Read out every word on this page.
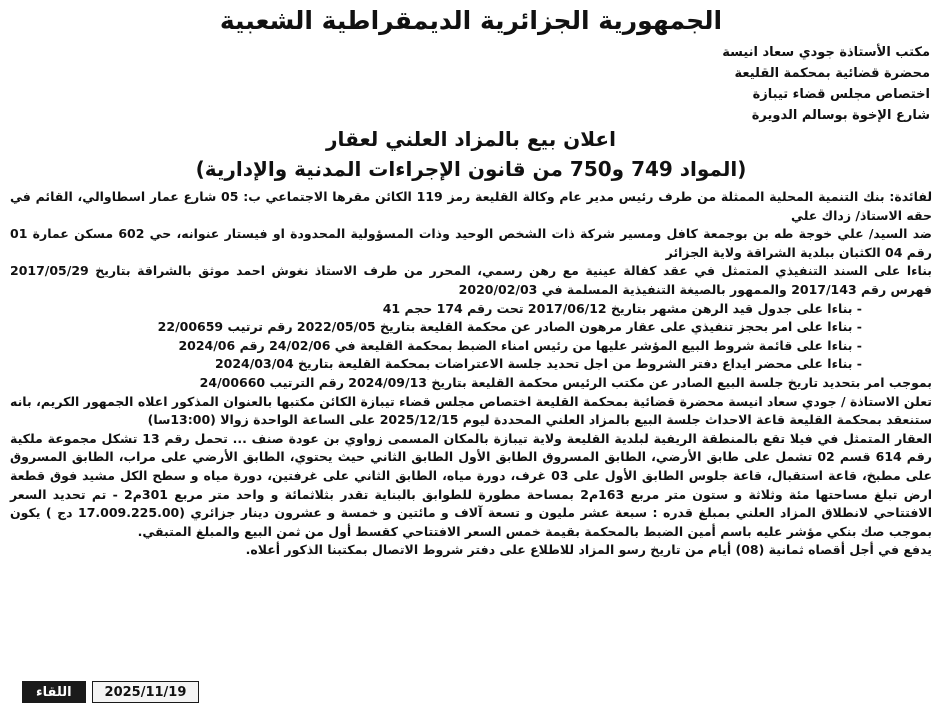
الجمهورية الجزائرية الديمقراطية الشعبية
مكتب الأستاذة جودي سعاد انيسة
محضرة قضائية بمحكمة القليعة
اختصاص مجلس قضاء تيبازة
شارع الإخوة بوسالم الدويرة
اعلان بيع بالمزاد العلني لعقار
(المواد 749 و750 من قانون الإجراءات المدنية والإدارية)

لفائدة: بنك التنمية المحلية الممثلة من طرف رئيس مدير عام وكالة القليعة رمز 119 الكائن مقرها الاجتماعي ب: 05 شارع عمار اسطاوالي، القائم في حقه الاستاذ/ زداك علي

ضد السيد/ علي خوجة طه بن بوجمعة كافل ومسير شركة ذات الشخص الوحيد وذات المسؤولية المحدودة او فيستار عنوانه، حي 602 مسكن عمارة 01 رقم 04 الكثبان ببلدية الشراقة ولاية الجزائر

بناءا على السند التنفيذي المتمثل في عقد كفالة عينية مع رهن رسمي، المحرر من طرف الاستاذ نغوش احمد موثق بالشراقة بتاريخ 2017/05/29 فهرس رقم 2017/143 والممهور بالصيغة التنفيذية المسلمة في 2020/02/03

- بناءا على جدول قيد الرهن مشهر بتاريخ 2017/06/12 تحت رقم 174 حجم 41

- بناءا على امر بحجز تنفيذي على عقار مرهون الصادر عن محكمة القليعة بتاريخ 2022/05/05 رقم ترتيب 22/00659

- بناءا على قائمة شروط البيع المؤشر عليها من رئيس امناء الضبط بمحكمة القليعة في 24/02/06 رقم 2024/06

- بناءا على محضر ايداع دفتر الشروط من اجل تحديد جلسة الاعتراضات بمحكمة القليعة بتاريخ 2024/03/04

بموجب امر بتحديد تاريخ جلسة البيع الصادر عن مكتب الرئيس محكمة القليعة بتاريخ 2024/09/13 رقم الترتيب 24/00660

تعلن الاستاذة / جودي سعاد انيسة محضرة قضائية بمحكمة القليعة اختصاص مجلس قضاء تيبازة الكائن مكتبها بالعنوان المذكور اعلاه الجمهور الكريم، بانه ستنعقد بمحكمة القليعة قاعة الاحداث جلسة البيع بالمزاد العلني المحددة ليوم 2025/12/15 على الساعة الواحدة زوالا (13:00سا)

العقار المتمثل في فيلا تقع بالمنطقة الريفية لبلدية القليعة ولاية تيبازة بالمكان المسمى زواوي بن عودة صنف ... تحمل رقم 13 تشكل مجموعة ملكية رقم 614 قسم 02 تشمل على طابق الأرضي، الطابق المسروق الطابق الأول الطابق الثاني حيث يحتوي، الطابق الأرضي على مراب، الطابق المسروق على مطبخ، قاعة استقبال، قاعة جلوس الطابق الأول على 03 غرف، دورة مياه، الطابق الثاني على غرفتين، دورة مياه و سطح الكل مشيد فوق قطعة ارض تبلغ مساحتها مئة وثلاثة و ستون متر مربع 163م2 بمساحة مطورة للطوابق بالبناية تقدر بثلاثمائة و واحد متر مربع 301م2 - تم تحديد السعر الافتتاحي لانطلاق المزاد العلني بمبلغ قدره : سبعة عشر مليون و تسعة آلاف و مائتين و خمسة و عشرون دينار جزائري (17.009.225.00 دج ) يكون بموجب صك بنكي مؤشر عليه باسم أمين الضبط بالمحكمة بقيمة خمس السعر الافتتاحي كقسط أول من ثمن البيع والمبلغ المتبقي.

يدفع في أجل أقصاه ثمانية (08) أيام من تاريخ رسو المزاد للاطلاع على دفتر شروط الاتصال بمكتبنا الذكور أعلاه.

اللقاء	2025/11/19
